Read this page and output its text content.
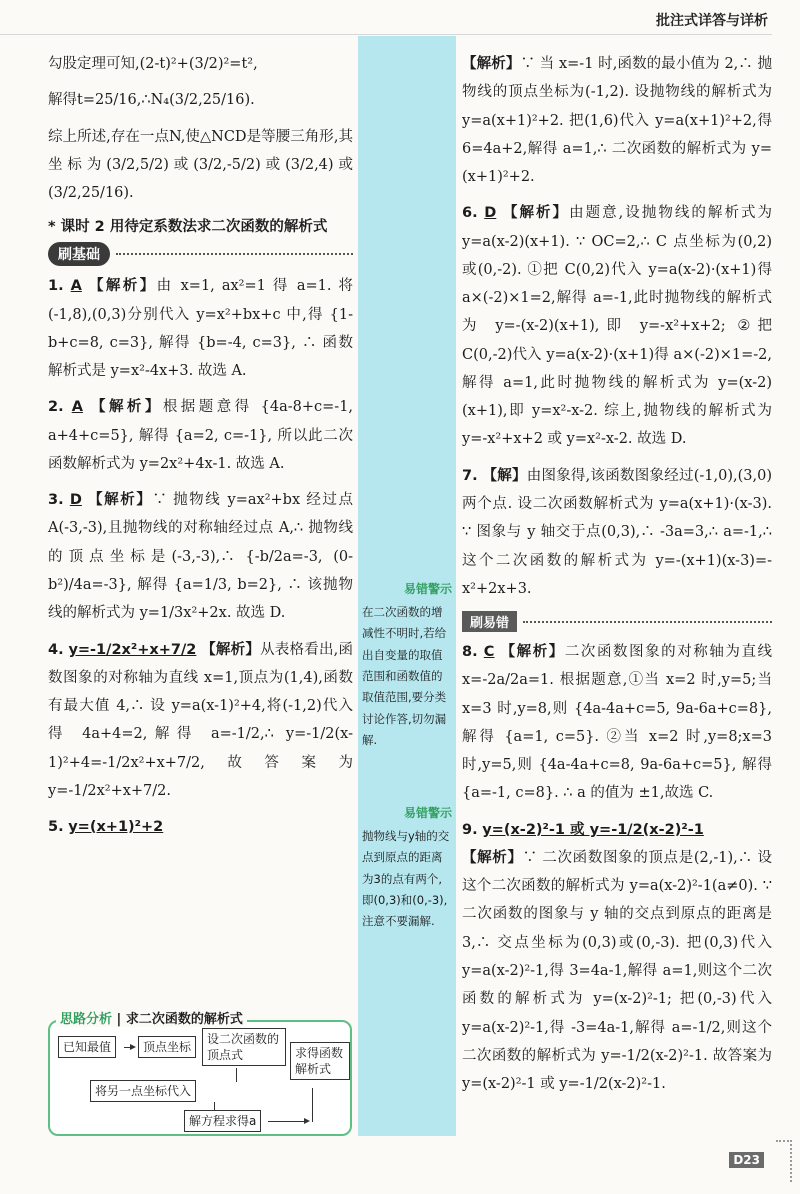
批注式详答与详析

勾股定理可知,(2-t)²+(3/2)²=t²,

解得t=25/16,∴N₄(3/2,25/16).

综上所述,存在一点N,使△NCD是等腰三角形,其坐标为(3/2,5/2)或(3/2,-5/2)或(3/2,4)或(3/2,25/16).

* 课时 2 用待定系数法求二次函数的解析式
刷基础

1. A 【解析】由 x=1, ax²=1 得 a=1. 将(-1,8),(0,3)分别代入 y=x²+bx+c 中,得 {1-b+c=8, c=3}, 解得 {b=-4, c=3}, ∴ 函数解析式是 y=x²-4x+3. 故选 A.

2. A 【解析】根据题意得 {4a-8+c=-1, a+4+c=5}, 解得 {a=2, c=-1}, 所以此二次函数解析式为 y=2x²+4x-1. 故选 A.

3. D 【解析】∵ 抛物线 y=ax²+bx 经过点 A(-3,-3),且抛物线的对称轴经过点 A,∴ 抛物线的顶点坐标是(-3,-3),∴ {-b/2a=-3, (0-b²)/4a=-3}, 解得 {a=1/3, b=2}, ∴ 该抛物线的解析式为 y=1/3x²+2x. 故选 D.

4. y=-1/2x²+x+7/2 【解析】从表格看出,函数图象的对称轴为直线 x=1,顶点为(1,4),函数有最大值 4,∴ 设 y=a(x-1)²+4,将(-1,2)代入得 4a+4=2,解得 a=-1/2,∴ y=-1/2(x-1)²+4=-1/2x²+x+7/2,故答案为 y=-1/2x²+x+7/2.

5. y=(x+1)²+2

思路分析 | 求二次函数的解析式
已知最值	顶点坐标
设二次函数的顶点式	求得函数解析式
将另一点坐标代入
解方程求得a
易错警示
在二次函数的增减性不明时,若给出自变量的取值范围和函数值的取值范围,要分类讨论作答,切勿漏解.
易错警示
抛物线与y轴的交点到原点的距离为3的点有两个,即(0,3)和(0,-3),注意不要漏解.

【解析】∵ 当 x=-1 时,函数的最小值为 2,∴ 抛物线的顶点坐标为(-1,2). 设抛物线的解析式为 y=a(x+1)²+2. 把(1,6)代入 y=a(x+1)²+2,得 6=4a+2,解得 a=1,∴ 二次函数的解析式为 y=(x+1)²+2.

6. D 【解析】由题意,设抛物线的解析式为 y=a(x-2)(x+1). ∵ OC=2,∴ C 点坐标为(0,2)或(0,-2). ①把 C(0,2)代入 y=a(x-2)·(x+1)得 a×(-2)×1=2,解得 a=-1,此时抛物线的解析式为 y=-(x-2)(x+1),即 y=-x²+x+2; ②把 C(0,-2)代入 y=a(x-2)·(x+1)得 a×(-2)×1=-2,解得 a=1,此时抛物线的解析式为 y=(x-2)(x+1),即 y=x²-x-2. 综上,抛物线的解析式为 y=-x²+x+2 或 y=x²-x-2. 故选 D.

7. 【解】由图象得,该函数图象经过(-1,0),(3,0)两个点. 设二次函数解析式为 y=a(x+1)·(x-3). ∵ 图象与 y 轴交于点(0,3),∴ -3a=3,∴ a=-1,∴ 这个二次函数的解析式为 y=-(x+1)(x-3)=-x²+2x+3.

刷易错

8. C 【解析】二次函数图象的对称轴为直线 x=-2a/2a=1. 根据题意,①当 x=2 时,y=5;当 x=3 时,y=8,则 {4a-4a+c=5, 9a-6a+c=8}, 解得 {a=1, c=5}. ②当 x=2 时,y=8;x=3 时,y=5,则 {4a-4a+c=8, 9a-6a+c=5}, 解得 {a=-1, c=8}. ∴ a 的值为 ±1,故选 C.

9. y=(x-2)²-1 或 y=-1/2(x-2)²-1
【解析】∵ 二次函数图象的顶点是(2,-1),∴ 设这个二次函数的解析式为 y=a(x-2)²-1(a≠0). ∵ 二次函数的图象与 y 轴的交点到原点的距离是 3,∴ 交点坐标为(0,3)或(0,-3). 把(0,3)代入 y=a(x-2)²-1,得 3=4a-1,解得 a=1,则这个二次函数的解析式为 y=(x-2)²-1; 把(0,-3)代入 y=a(x-2)²-1,得 -3=4a-1,解得 a=-1/2,则这个二次函数的解析式为 y=-1/2(x-2)²-1. 故答案为 y=(x-2)²-1 或 y=-1/2(x-2)²-1.

D23
